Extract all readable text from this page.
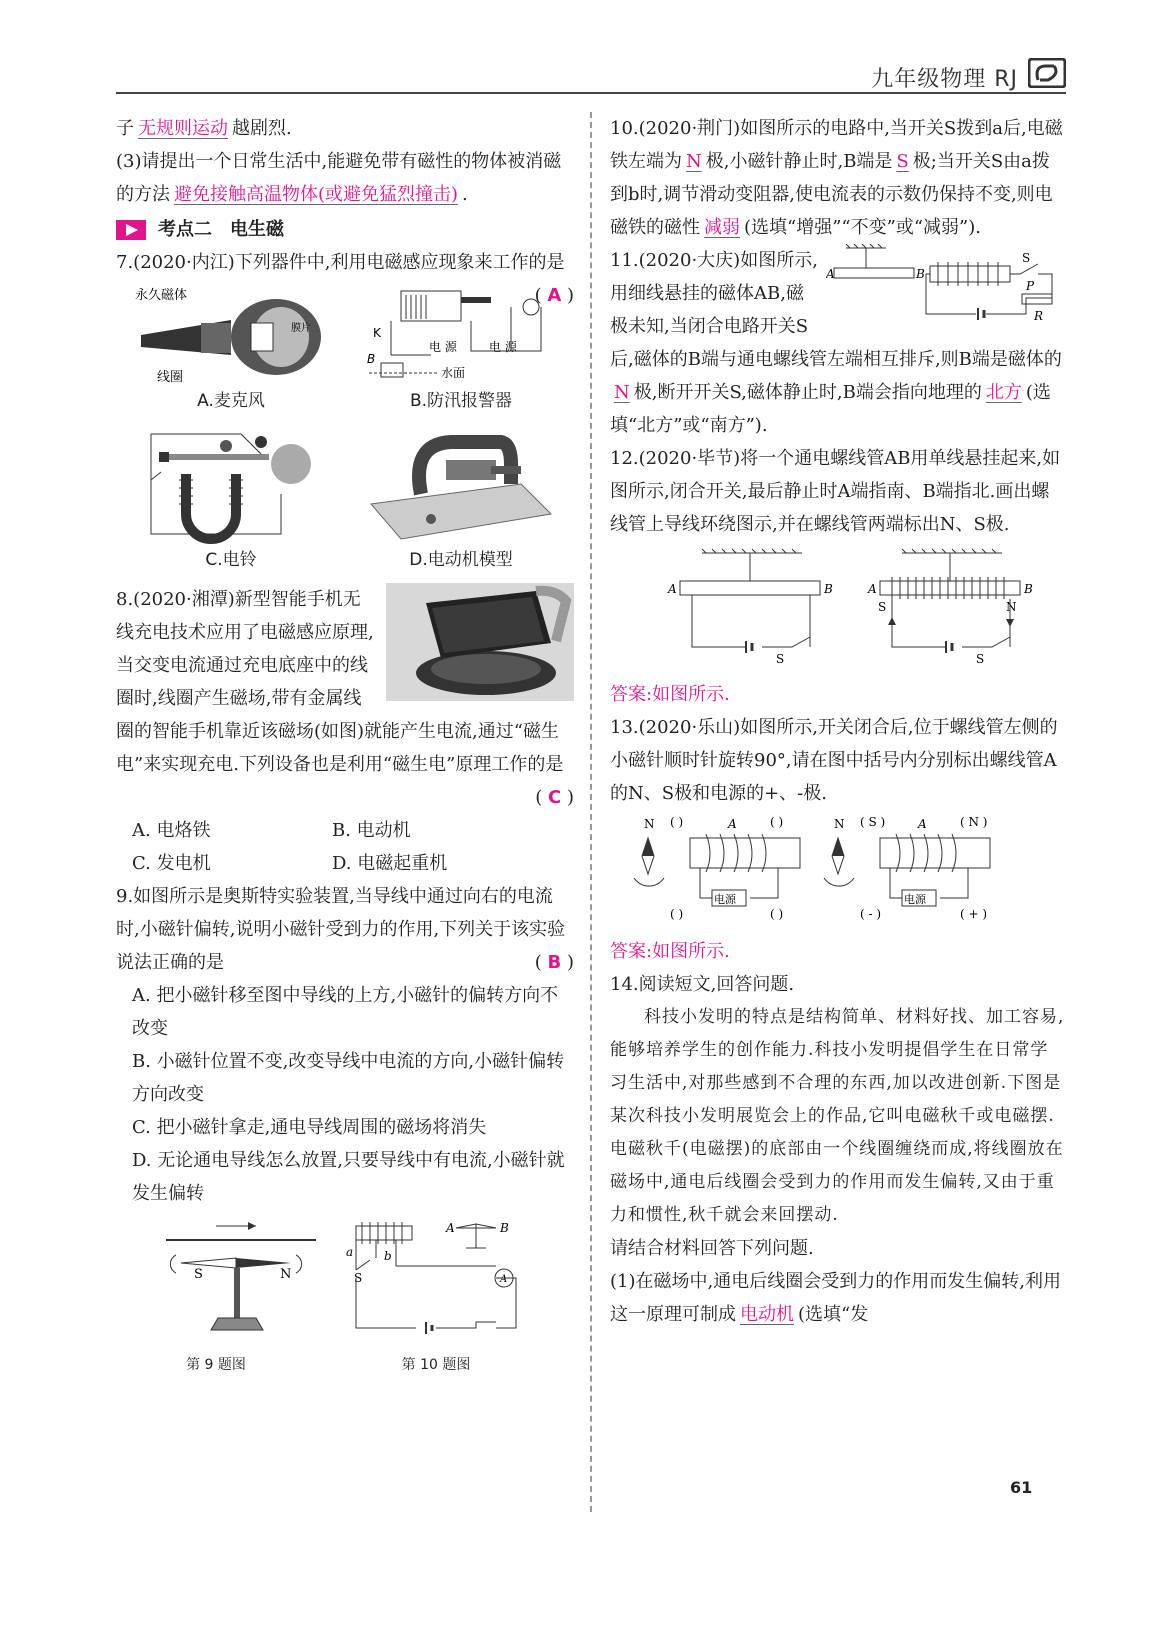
九年级物理 RJ

子 无规则运动 越剧烈.

(3)请提出一个日常生活中,能避免带有磁性的物体被消磁的方法 避免接触高温物体(或避免猛烈撞击) .

考点二　电生磁

7.(2020·内江)下列器件中,利用电磁感应现象来工作的是
( A )

永久磁体
膜片
线圈
A.麦克风
电 源	电 源
K
B
水面
B.防汛报警器
C.电铃	D.电动机模型

8.(2020·湘潭)新型智能手机无线充电技术应用了电磁感应原理,当交变电流通过充电底座中的线圈时,线圈产生磁场,带有金属线圈的智能手机靠近该磁场(如图)就能产生电流,通过“磁生电”来实现充电.下列设备也是利用“磁生电”原理工作的是

( C )

A. 电烙铁	B. 电动机
C. 发电机	D. 电磁起重机

9.如图所示是奥斯特实验装置,当导线中通过向右的电流时,小磁针偏转,说明小磁针受到力的作用,下列关于该实验说法正确的是	( B )

A. 把小磁针移至图中导线的上方,小磁针的偏转方向不改变

B. 小磁针位置不变,改变导线中电流的方向,小磁针偏转方向改变

C. 把小磁针拿走,通电导线周围的磁场将消失

D. 无论通电导线怎么放置,只要导线中有电流,小磁针就发生偏转

S	N
第 9 题图
a	b
S	A
A	B
第 10 题图

10.(2020·荆门)如图所示的电路中,当开关S拨到a后,电磁铁左端为 N 极,小磁针静止时,B端是 S 极;当开关S由a拨到b时,调节滑动变阻器,使电流表的示数仍保持不变,则电磁铁的磁性 减弱 (选填“增强”“不变”或“减弱”).

A	B
S
P
R

11.(2020·大庆)如图所示,用细线悬挂的磁体AB,磁极未知,当闭合电路开关S后,磁体的B端与通电螺线管左端相互排斥,则B端是磁体的N 极,断开开关S,磁体静止时,B端会指向地理的 北方 (选填“北方”或“南方”).

12.(2020·毕节)将一个通电螺线管AB用单线悬挂起来,如图所示,闭合开关,最后静止时A端指南、B端指北.画出螺线管上导线环绕图示,并在螺线管两端标出N、S极.

A	B
S
A	B
S	N
S

答案:如图所示.

13.(2020·乐山)如图所示,开关闭合后,位于螺线管左侧的小磁针顺时针旋转90°,请在图中括号内分别标出螺线管A的N、S极和电源的+、-极.

N ( )	A	( )
电源
( )	( )
N ( S )	A	( N )
电源
( - )	( + )

答案:如图所示.

14.阅读短文,回答问题.

科技小发明的特点是结构简单、材料好找、加工容易,能够培养学生的创作能力.科技小发明提倡学生在日常学习生活中,对那些感到不合理的东西,加以改进创新.下图是某次科技小发明展览会上的作品,它叫电磁秋千或电磁摆.电磁秋千(电磁摆)的底部由一个线圈缠绕而成,将线圈放在磁场中,通电后线圈会受到力的作用而发生偏转,又由于重力和惯性,秋千就会来回摆动.

请结合材料回答下列问题.

(1)在磁场中,通电后线圈会受到力的作用而发生偏转,利用这一原理可制成 电动机 (选填“发

61
